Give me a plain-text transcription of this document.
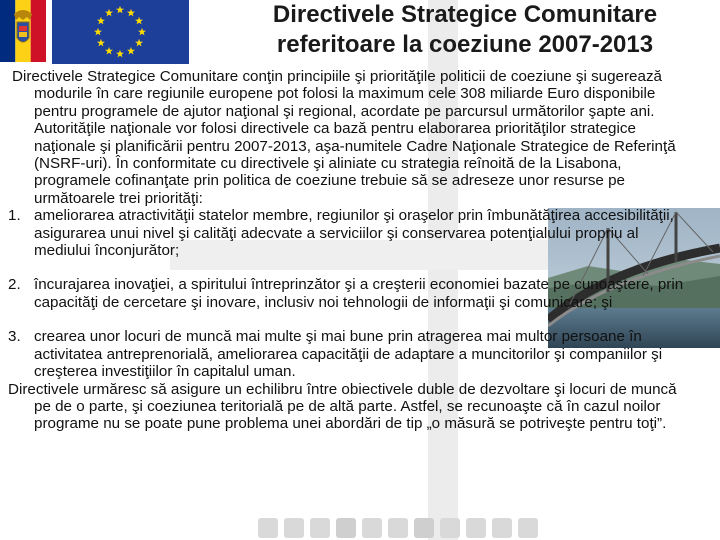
Directivele Strategice Comunitare
referitoare la coeziune 2007-2013

Directivele Strategice Comunitare conţin principiile şi priorităţile politicii de coeziune şi sugerează modurile în care regiunile europene pot folosi la maximum cele 308 miliarde Euro disponibile pentru programele de ajutor naţional şi regional, acordate pe parcursul următorilor şapte ani. Autorităţile naţionale vor folosi directivele ca bază pentru elaborarea priorităţilor strategice naţionale şi planificării pentru 2007-2013, aşa-numitele Cadre Naţionale Strategice de Referinţă (NSRF-uri). În conformitate cu directivele şi aliniate cu strategia reînoită de la Lisabona, programele cofinanţate prin politica de coeziune trebuie să se adreseze unor resurse pe următoarele trei priorităţi:

1. ameliorarea atractivităţii statelor membre, regiunilor şi oraşelor prin îmbunătăţirea accesibilităţii, asigurarea unui nivel şi calităţi adecvate a serviciilor şi conservarea potenţialului propriu al mediului înconjurător;
2. încurajarea inovaţiei, a spiritului întreprinzător şi a creşterii economiei bazate pe cunoaştere, prin capacităţi de cercetare şi inovare, inclusiv noi tehnologii de informaţii şi comunicare; şi
3. crearea unor locuri de muncă mai multe şi mai bune prin atragerea mai multor persoane în activitatea antreprenorială, ameliorarea capacităţii de adaptare a muncitorilor şi companiilor şi creşterea investiţiilor în capitalul uman.

Directivele urmăresc să asigure un echilibru între obiectivele duble de dezvoltare şi locuri de muncă pe de o parte, şi coeziunea teritorială pe de altă parte. Astfel, se recunoaşte că în cazul noilor programe nu se poate pune problema unei abordări de tip „o măsură se potriveşte pentru toţi”.
